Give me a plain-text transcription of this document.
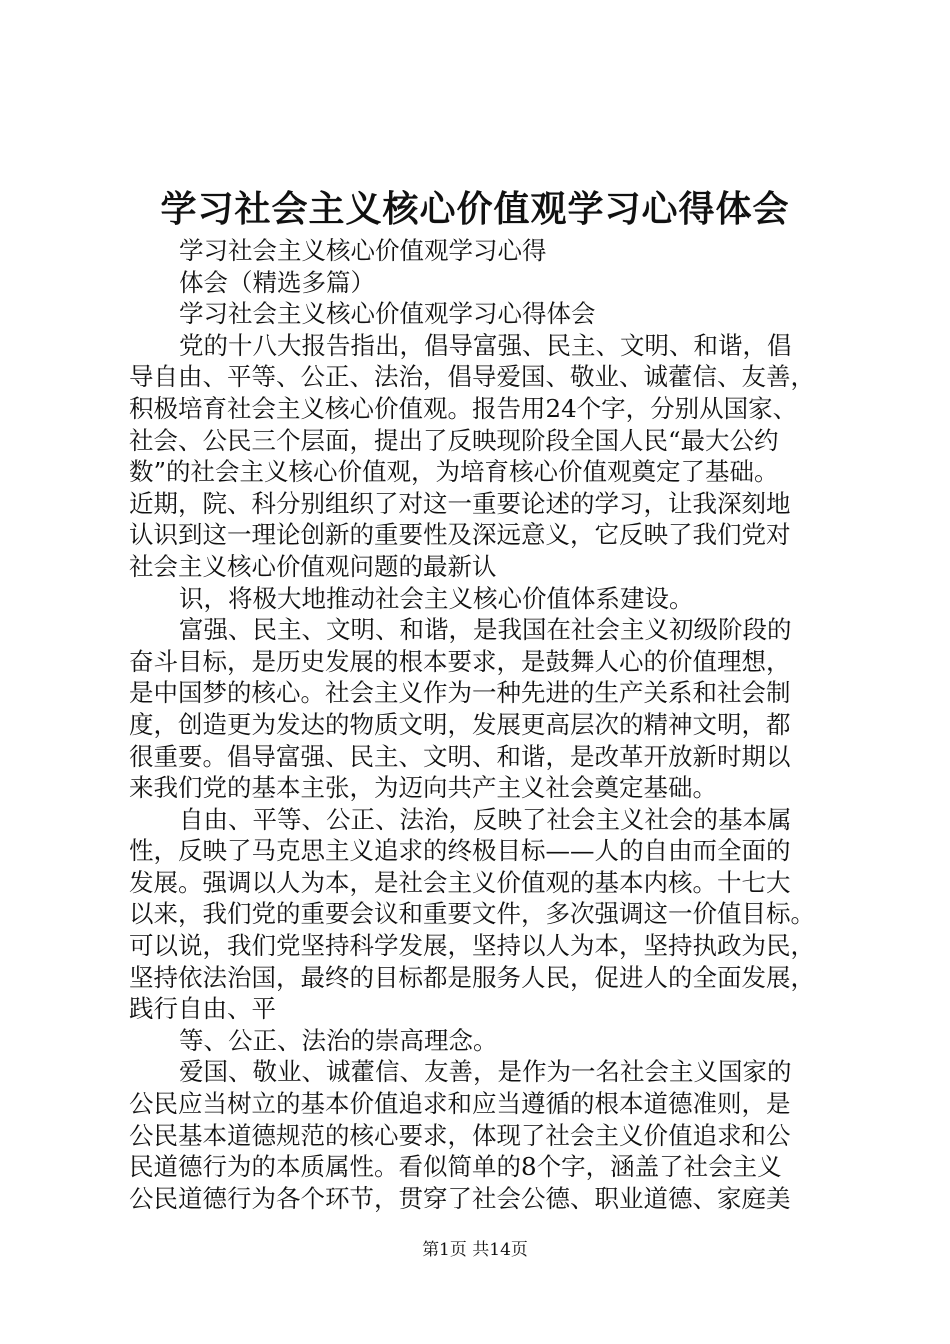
学习社会主义核心价值观学习心得体会
学习社会主义核心价值观学习心得
体会（精选多篇）
学习社会主义核心价值观学习心得体会
党的十八大报告指出，倡导富强、民主、文明、和谐，倡
导自由、平等、公正、法治，倡导爱国、敬业、诚藿信、友善，
积极培育社会主义核心价值观。报告用24个字，分别从国家、
社会、公民三个层面，提出了反映现阶段全国人民“最大公约
数”的社会主义核心价值观，为培育核心价值观奠定了基础。
近期，院、科分别组织了对这一重要论述的学习，让我深刻地
认识到这一理论创新的重要性及深远意义，它反映了我们党对
社会主义核心价值观问题的最新认
识，将极大地推动社会主义核心价值体系建设。
富强、民主、文明、和谐，是我国在社会主义初级阶段的
奋斗目标，是历史发展的根本要求，是鼓舞人心的价值理想，
是中国梦的核心。社会主义作为一种先进的生产关系和社会制
度，创造更为发达的物质文明，发展更高层次的精神文明，都
很重要。倡导富强、民主、文明、和谐，是改革开放新时期以
来我们党的基本主张，为迈向共产主义社会奠定基础。
自由、平等、公正、法治，反映了社会主义社会的基本属
性，反映了马克思主义追求的终极目标——人的自由而全面的
发展。强调以人为本，是社会主义价值观的基本内核。十七大
以来，我们党的重要会议和重要文件，多次强调这一价值目标。
可以说，我们党坚持科学发展，坚持以人为本，坚持执政为民，
坚持依法治国，最终的目标都是服务人民，促进人的全面发展，
践行自由、平
等、公正、法治的崇高理念。
爱国、敬业、诚藿信、友善，是作为一名社会主义国家的
公民应当树立的基本价值追求和应当遵循的根本道德准则，是
公民基本道德规范的核心要求，体现了社会主义价值追求和公
民道德行为的本质属性。看似简单的8个字，涵盖了社会主义
公民道德行为各个环节，贯穿了社会公德、职业道德、家庭美
第1页 共14页
